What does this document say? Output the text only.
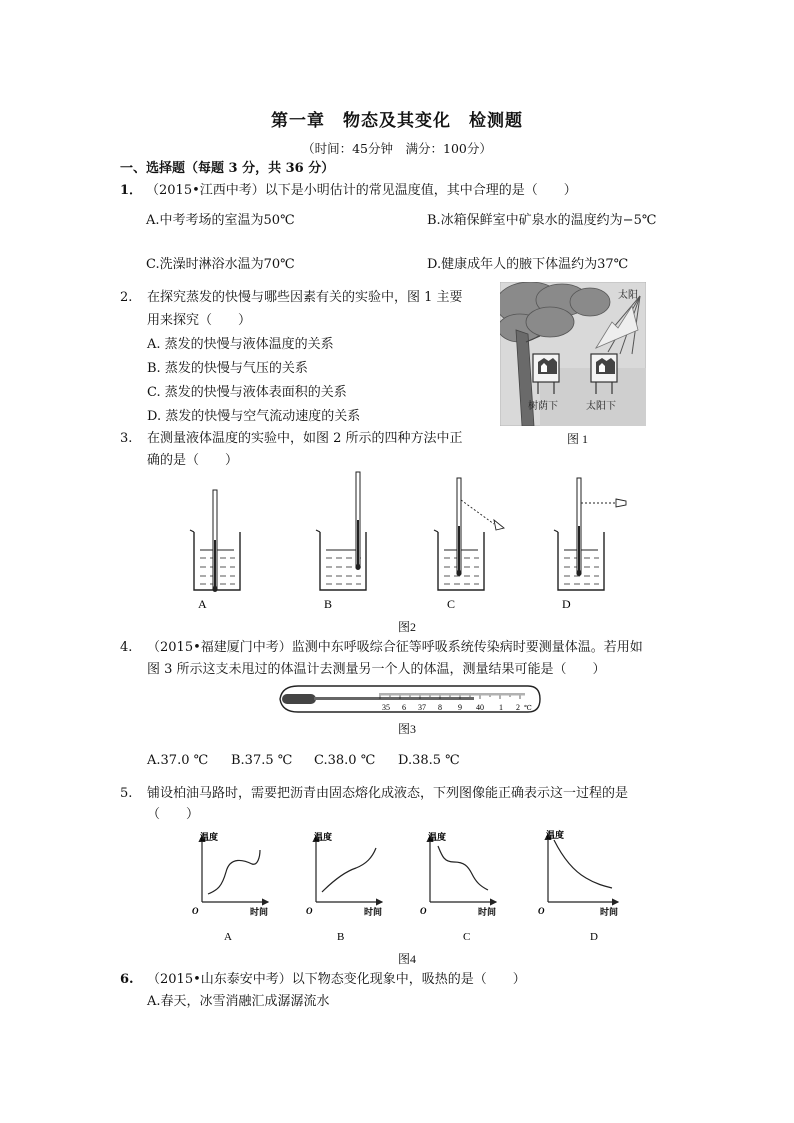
第一章　物态及其变化　检测题
（时间：45分钟　满分：100分）
一、选择题（每题 3 分，共 36 分）
1． （2015•江西中考）以下是小明估计的常见温度值，其中合理的是（　　）
A.中考考场的室温为50℃	B.冰箱保鲜室中矿泉水的温度约为−5℃
C.洗澡时淋浴水温为70℃	D.健康成年人的腋下体温约为37℃
2. 在探究蒸发的快慢与哪些因素有关的实验中，图 1 主要
用来探究（　　）
A. 蒸发的快慢与液体温度的关系
B. 蒸发的快慢与气压的关系
C. 蒸发的快慢与液体表面积的关系
D. 蒸发的快慢与空气流动速度的关系
太阳
树荫下	太阳下
图 1
3. 在测量液体温度的实验中，如图 2 所示的四种方法中正
确的是（　　）
A	B	C	D
图2
4. （2015•福建厦门中考）监测中东呼吸综合征等呼吸系统传染病时要测量体温。若用如
图 3 所示这支未甩过的体温计去测量另一个人的体温，测量结果可能是（　　）
35 6 37 8 9 40 1 2 ℃
图3
A.37.0 ℃ B.37.5 ℃ C.38.0 ℃ D.38.5 ℃
5. 铺设柏油马路时，需要把沥青由固态熔化成液态，下列图像能正确表示这一过程的是
（　　）
温度
时间
O
温度
时间
O
温度
时间
O
温度
时间
O
A	B	C	D
图4
6. （2015•山东泰安中考）以下物态变化现象中，吸热的是（　　）
A.春天，冰雪消融汇成潺潺流水
